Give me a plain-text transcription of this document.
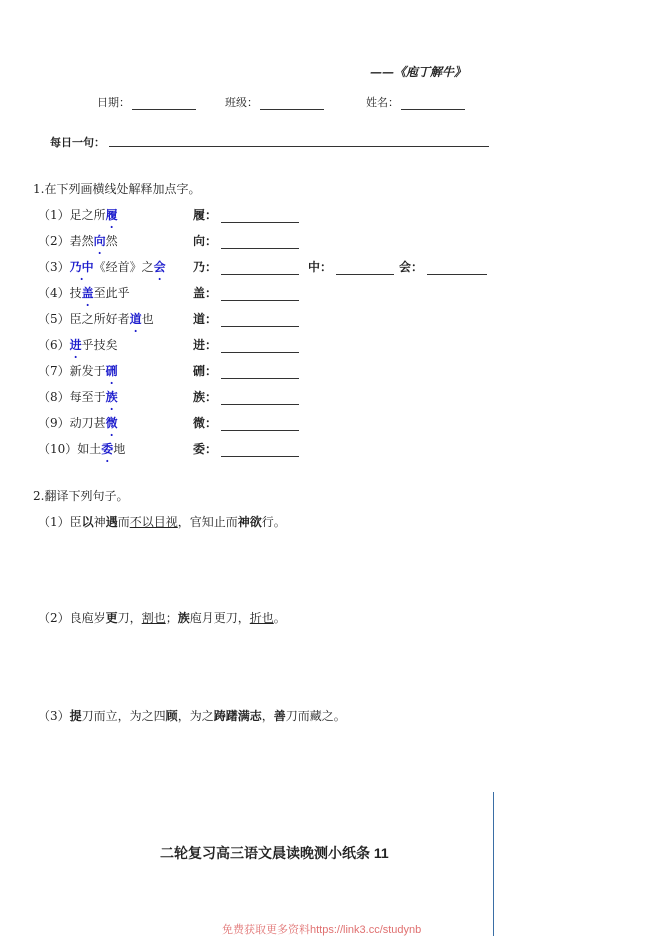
——《庖丁解牛》
日期：	班级：	姓名：
每日一句：
1.在下列画横线处解释加点字。
（1）足之所履	履：
（2）砉然向然	向：
（3）乃中《经首》之会 乃：	中：	会：
（4）技盖至此乎	盖：
（5）臣之所好者道也	道：
（6）进乎技矣	进：
（7）新发于硎	硎：
（8）每至于族	族：
（9）动刀甚微	微：
（10）如土委地	委：
2.翻译下列句子。
（1）臣以神遇而不以目视，官知止而神欲行。
（2）良庖岁更刀，割也；族庖月更刀，折也。
（3）提刀而立，为之四顾，为之踌躇满志，善刀而藏之。
二轮复习高三语文晨读晚测小纸条 11
免费获取更多资料https://link3.cc/studynb
